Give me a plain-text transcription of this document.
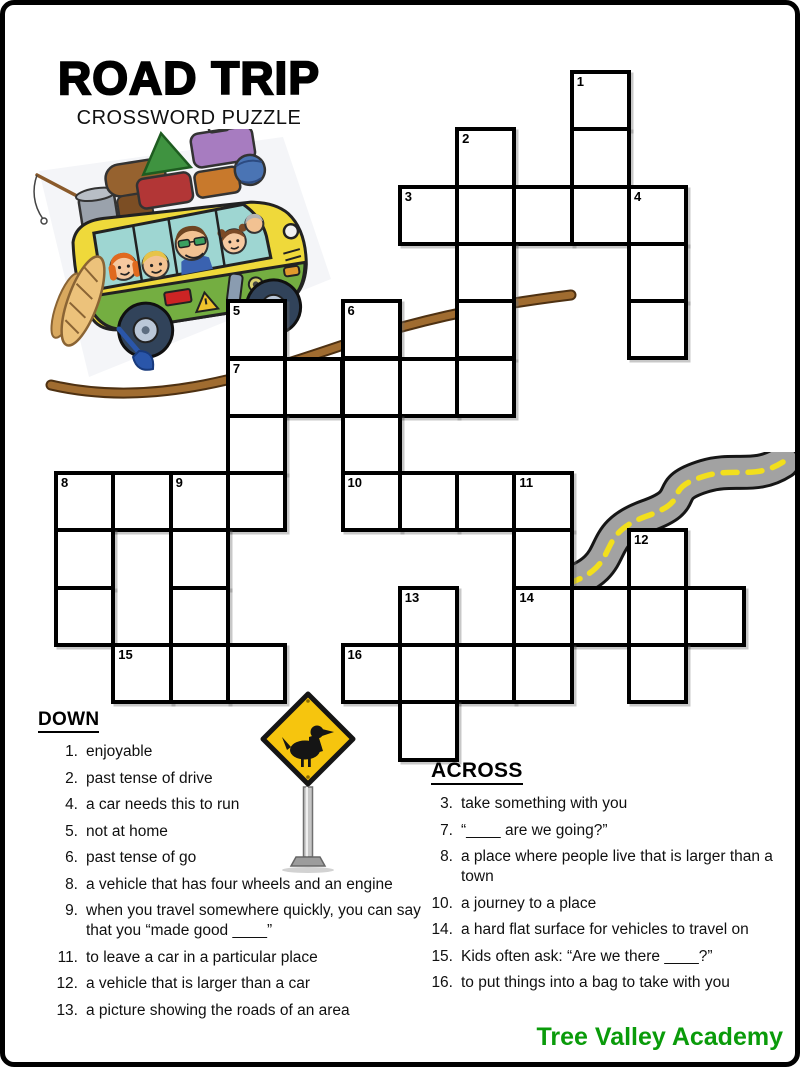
1
2
3	4
5	6
7
8	9	10	11
12
13	14
15	16
ROAD TRIP
CROSSWORD PUZZLE
DOWN
1. enjoyable
2. past tense of drive
4. a car needs this to run
5. not at home
6. past tense of go
8. a vehicle that has four wheels and an engine
9. when you travel somewhere quickly, you can say that you “made good ____”
11. to leave a car in a particular place
12. a vehicle that is larger than a car
13. a picture showing the roads of an area
ACROSS
3. take something with you
7. “____ are we going?”
8. a place where people live that is larger than a town
10. a journey to a place
14. a hard flat surface for vehicles to travel on
15. Kids often ask: “Are we there ____?”
16. to put things into a bag to take with you
Tree Valley Academy
